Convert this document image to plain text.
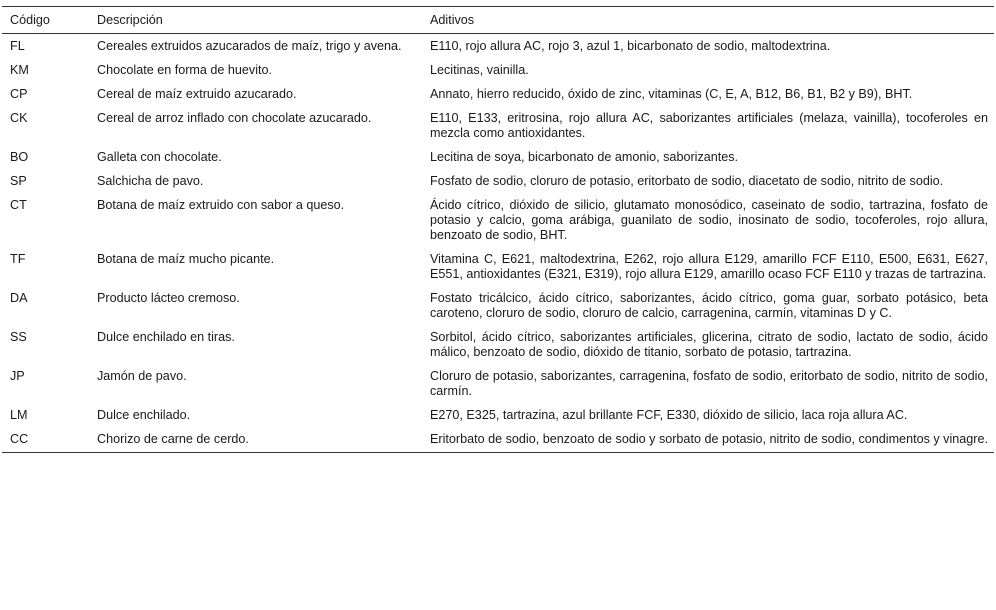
Código	Descripción	Aditivos
FL	Cereales extruidos azucarados de maíz, trigo y avena.	E110, rojo allura AC, rojo 3, azul 1, bicarbonato de sodio, maltodextrina.
KM	Chocolate en forma de huevito.	Lecitinas, vainilla.
CP	Cereal de maíz extruido azucarado.	Annato, hierro reducido, óxido de zinc, vitaminas (C, E, A, B12, B6, B1, B2 y B9), BHT.
CK	Cereal de arroz inflado con chocolate azucarado.	E110, E133, eritrosina, rojo allura AC, saborizantes artificiales (melaza, vainilla), tocoferoles en mezcla como antioxidantes.
BO	Galleta con chocolate.	Lecitina de soya, bicarbonato de amonio, saborizantes.
SP	Salchicha de pavo.	Fosfato de sodio, cloruro de potasio, eritorbato de sodio, diacetato de sodio, nitrito de sodio.
CT	Botana de maíz extruido con sabor a queso.	Ácido cítrico, dióxido de silicio, glutamato monosódico, caseinato de sodio, tartrazina, fosfato de potasio y calcio, goma arábiga, guanilato de sodio, inosinato de sodio, tocoferoles, rojo allura, benzoato de sodio, BHT.
TF	Botana de maíz mucho picante.	Vitamina C, E621, maltodextrina, E262, rojo allura E129, amarillo FCF E110, E500, E631, E627, E551, antioxidantes (E321, E319), rojo allura E129, amarillo ocaso FCF E110 y trazas de tartrazina.
DA	Producto lácteo cremoso.	Fostato tricálcico, ácido cítrico, saborizantes, ácido cítrico, goma guar, sorbato potásico, beta caroteno, cloruro de sodio, cloruro de calcio, carragenina, carmín, vitaminas D y C.
SS	Dulce enchilado en tiras.	Sorbitol, ácido cítrico, saborizantes artificiales, glicerina, citrato de sodio, lactato de sodio, ácido málico, benzoato de sodio, dióxido de titanio, sorbato de potasio, tartrazina.
JP	Jamón de pavo.	Cloruro de potasio, saborizantes, carragenina, fosfato de sodio, eritorbato de sodio, nitrito de sodio, carmín.
LM	Dulce enchilado.	E270, E325, tartrazina, azul brillante FCF, E330, dióxido de silicio, laca roja allura AC.
CC	Chorizo de carne de cerdo.	Eritorbato de sodio, benzoato de sodio y sorbato de potasio, nitrito de sodio, condimentos y vinagre.
